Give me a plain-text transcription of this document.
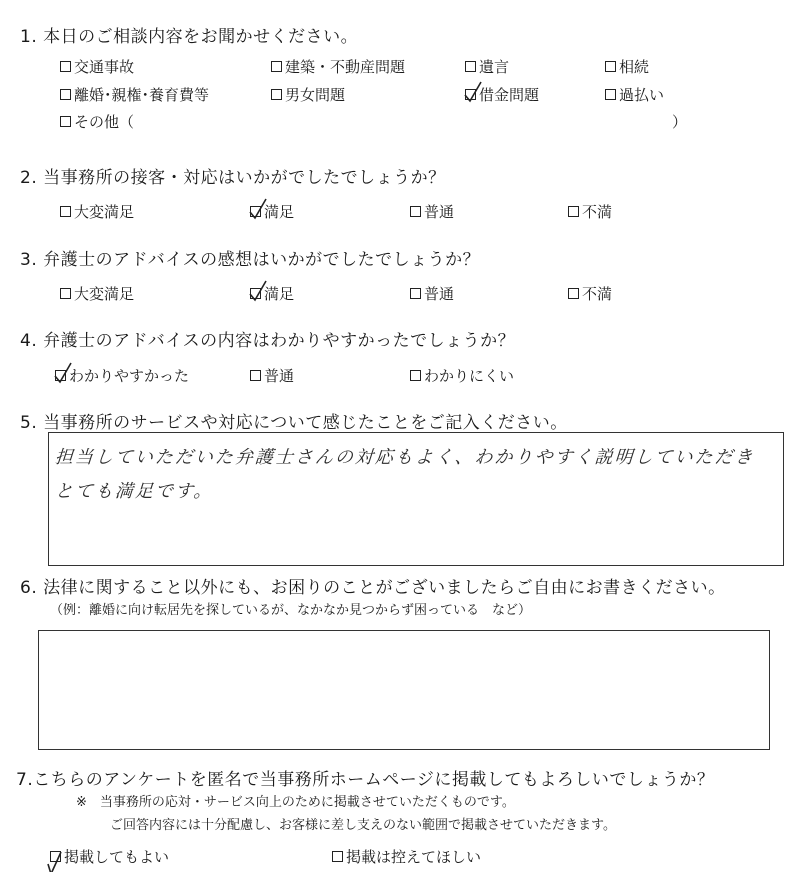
1. 本日のご相談内容をお聞かせください。
交通事故	建築・不動産問題	遺言	相続
離婚･親権･養育費等	男女問題	借金問題	過払い
その他（	）
2. 当事務所の接客・対応はいかがでしたでしょうか？
大変満足	満足	普通	不満
3. 弁護士のアドバイスの感想はいかがでしたでしょうか？
大変満足	満足	普通	不満
4. 弁護士のアドバイスの内容はわかりやすかったでしょうか？
わかりやすかった	普通	わかりにくい
5. 当事務所のサービスや対応について感じたことをご記入ください。
担当していただいた弁護士さんの対応もよく、わかりやすく説明していただき
とても満足です。
6. 法律に関すること以外にも、お困りのことがございましたらご自由にお書きください。
（例：離婚に向け転居先を探しているが、なかなか見つからず困っている　など）
7.こちらのアンケートを匿名で当事務所ホームページに掲載してもよろしいでしょうか？
※　当事務所の応対・サービス向上のために掲載させていただくものです。
ご回答内容には十分配慮し、お客様に差し支えのない範囲で掲載させていただきます。
掲載してもよい	掲載は控えてほしい
